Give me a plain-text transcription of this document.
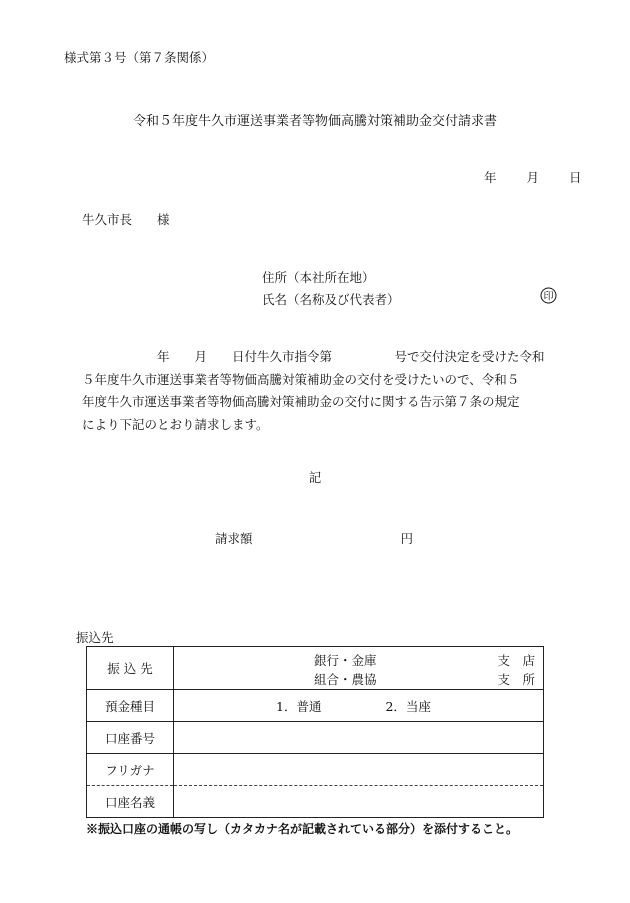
様式第３号（第７条関係）
令和５年度牛久市運送事業者等物価高騰対策補助金交付請求書
年 月 日
牛久市長　　様
住所（本社所在地）
氏名（名称及び代表者）	印
　　　　　　年　　月　　日付牛久市指令第　　　　　号で交付決定を受けた令和
５年度牛久市運送事業者等物価高騰対策補助金の交付を受けたいので、令和５
年度牛久市運送事業者等物価高騰対策補助金の交付に関する告示第７条の規定
により下記のとおり請求します。
記
請求額	円
振込先
振 込 先	銀行・金庫 支　店
組合・農協 支　所

預金種目	1．普通 2．当座
口座番号	
フリガナ	
口座名義	
※振込口座の通帳の写し（カタカナ名が記載されている部分）を添付すること。
